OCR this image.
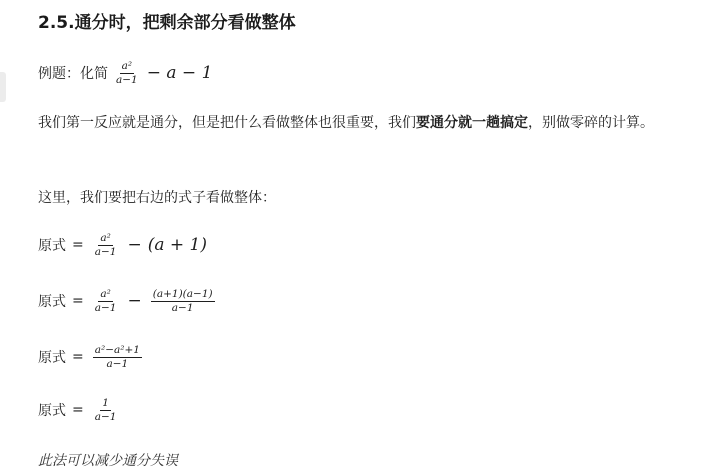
2.5.通分时，把剩余部分看做整体
例题：化简 $\frac{\text{a²}}{a-1} - a - 1$
我们第一反应就是通分，但是把什么看做整体也很重要，我们要通分就一趟搞定，别做零碎的计算。
这里，我们要把右边的式子看做整体：
原式 = $\frac{\text{a²}}{a-1} - (a + 1)$
原式 = $\frac{\text{a²}}{a-1} - \frac{(a+1)(a-1)}{a-1}$
原式 = $\frac{\text{a²−a²+1}}{a-1}$
原式 = $\frac{1}{a-1}$
此法可以减少通分失误
